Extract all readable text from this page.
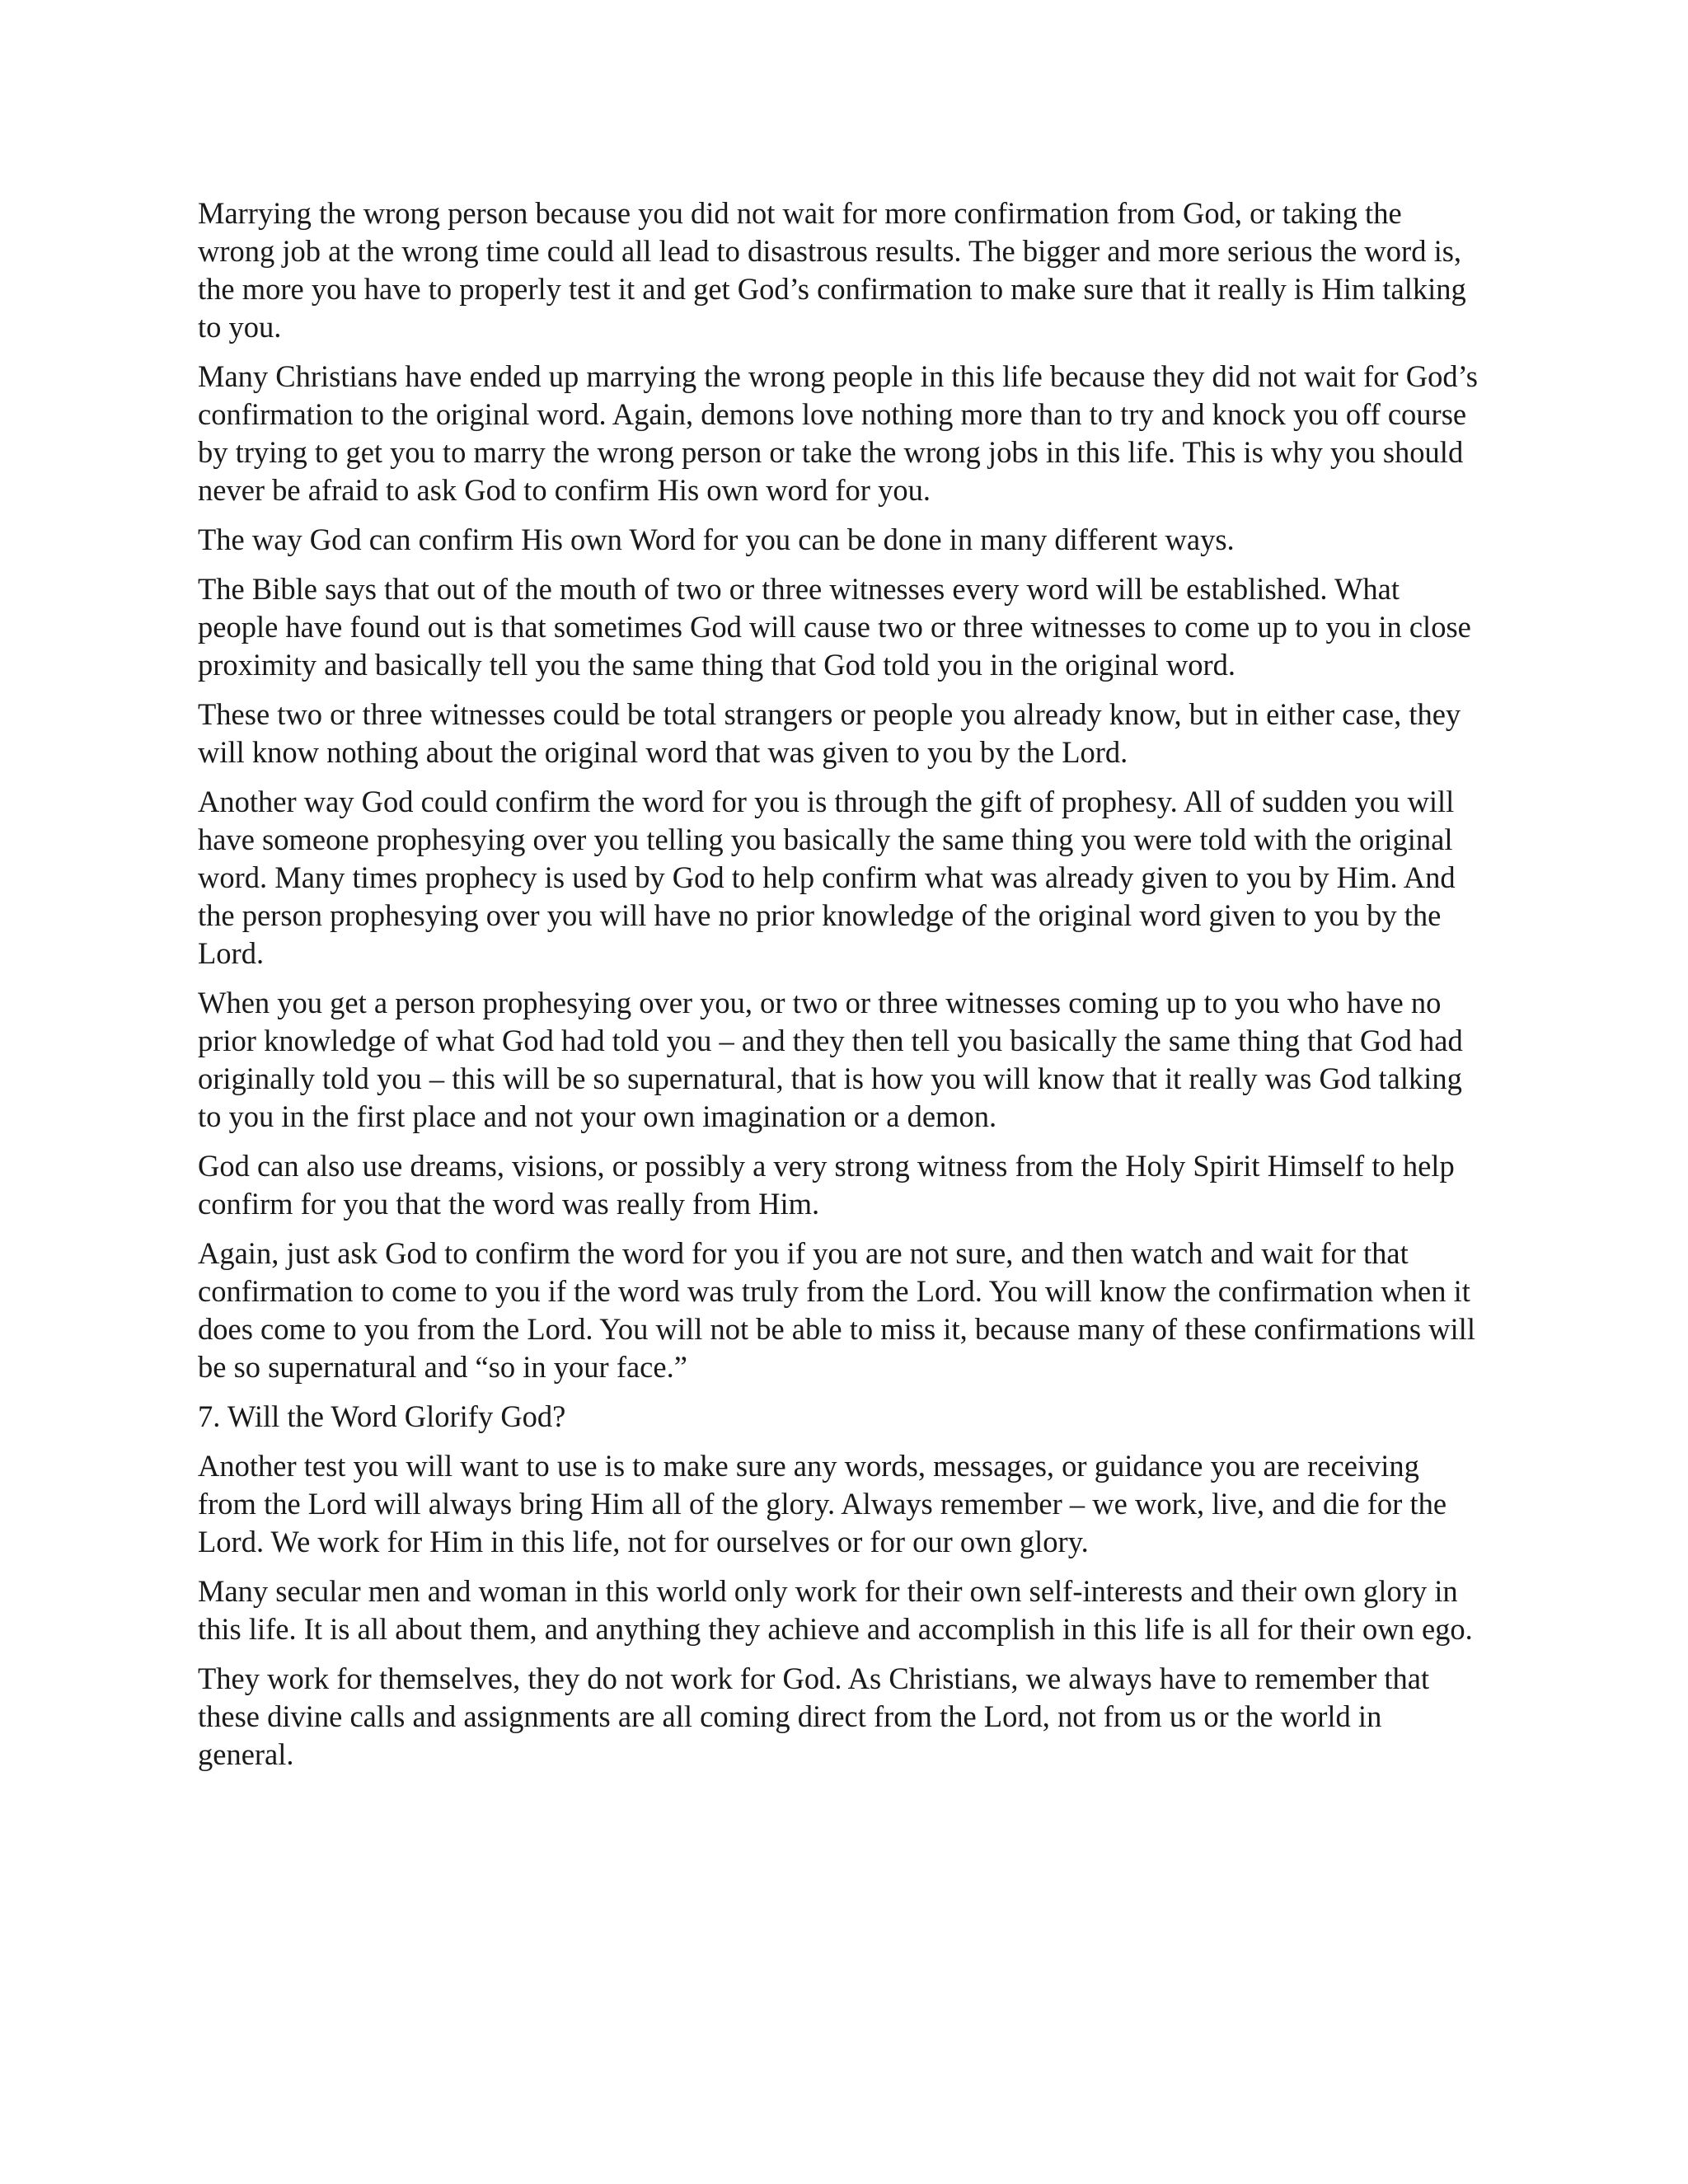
Marrying the wrong person because you did not wait for more confirmation from God, or taking the wrong job at the wrong time could all lead to disastrous results. The bigger and more serious the word is, the more you have to properly test it and get God’s confirmation to make sure that it really is Him talking to you.

Many Christians have ended up marrying the wrong people in this life because they did not wait for God’s confirmation to the original word. Again, demons love nothing more than to try and knock you off course by trying to get you to marry the wrong person or take the wrong jobs in this life. This is why you should never be afraid to ask God to confirm His own word for you.

The way God can confirm His own Word for you can be done in many different ways.

The Bible says that out of the mouth of two or three witnesses every word will be established. What people have found out is that sometimes God will cause two or three witnesses to come up to you in close proximity and basically tell you the same thing that God told you in the original word.

These two or three witnesses could be total strangers or people you already know, but in either case, they will know nothing about the original word that was given to you by the Lord.

Another way God could confirm the word for you is through the gift of prophesy. All of sudden you will have someone prophesying over you telling you basically the same thing you were told with the original word. Many times prophecy is used by God to help confirm what was already given to you by Him. And the person prophesying over you will have no prior knowledge of the original word given to you by the Lord.

When you get a person prophesying over you, or two or three witnesses coming up to you who have no prior knowledge of what God had told you – and they then tell you basically the same thing that God had originally told you – this will be so supernatural, that is how you will know that it really was God talking to you in the first place and not your own imagination or a demon.

God can also use dreams, visions, or possibly a very strong witness from the Holy Spirit Himself to help confirm for you that the word was really from Him.

Again, just ask God to confirm the word for you if you are not sure, and then watch and wait for that confirmation to come to you if the word was truly from the Lord. You will know the confirmation when it does come to you from the Lord. You will not be able to miss it, because many of these confirmations will be so supernatural and “so in your face.”

7. Will the Word Glorify God?

Another test you will want to use is to make sure any words, messages, or guidance you are receiving from the Lord will always bring Him all of the glory. Always remember – we work, live, and die for the Lord. We work for Him in this life, not for ourselves or for our own glory.

Many secular men and woman in this world only work for their own self-interests and their own glory in this life. It is all about them, and anything they achieve and accomplish in this life is all for their own ego.

They work for themselves, they do not work for God. As Christians, we always have to remember that these divine calls and assignments are all coming direct from the Lord, not from us or the world in general.
